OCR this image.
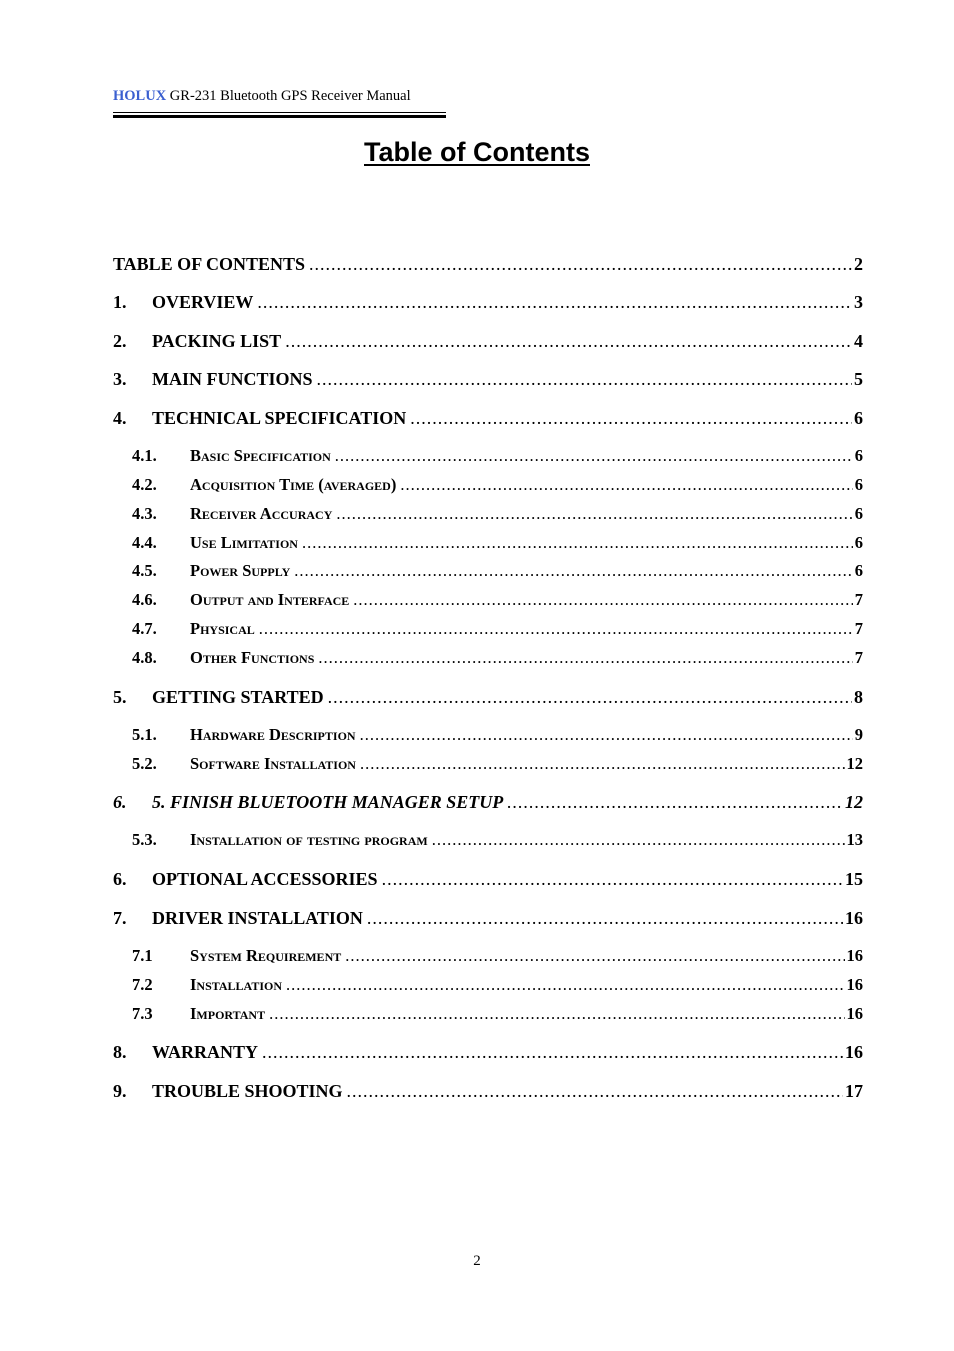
HOLUX GR-231 Bluetooth GPS Receiver Manual
Table of Contents
TABLE OF CONTENTS .....	2
1.	OVERVIEW .....	3
2.	PACKING LIST .....	4
3.	MAIN FUNCTIONS .....	5
4.	TECHNICAL SPECIFICATION .....	6
4.1.	Basic Specification .....	6
4.2.	Acquisition Time (averaged) .....	6
4.3.	Receiver Accuracy .....	6
4.4.	Use Limitation .....	6
4.5.	Power Supply .....	6
4.6.	Output and Interface .....	7
4.7.	Physical .....	7
4.8.	Other Functions .....	7
5.	GETTING STARTED .....	8
5.1.	Hardware Description .....	9
5.2.	Software Installation .....	12
6.	5. FINISH BLUETOOTH MANAGER SETUP .....	12
5.3.	Installation of testing program .....	13
6.	OPTIONAL ACCESSORIES .....	15
7.	DRIVER INSTALLATION .....	16
7.1	System Requirement .....	16
7.2	Installation .....	16
7.3	Important .....	16
8.	WARRANTY .....	16
9.	TROUBLE SHOOTING .....	17
2
